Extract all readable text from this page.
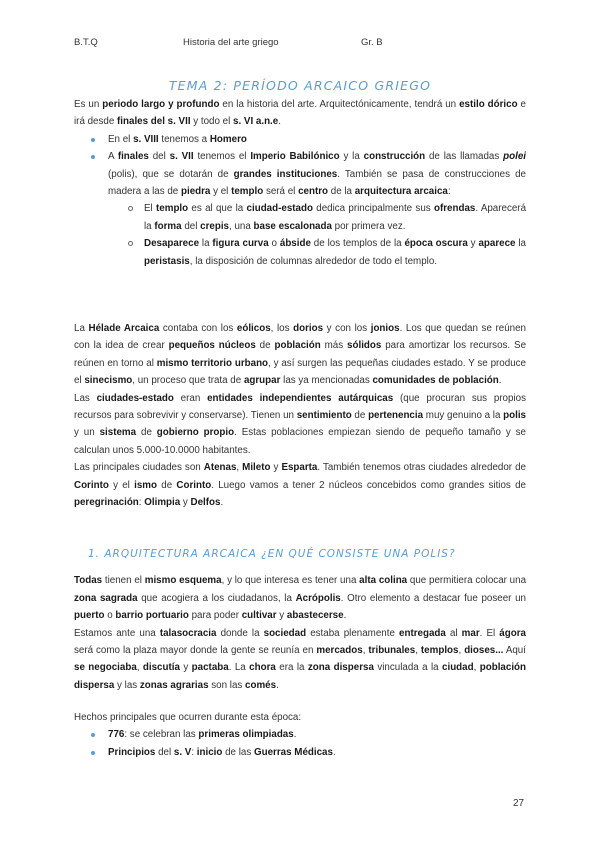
B.T.Q	Historia del arte griego	Gr. B
TEMA 2: PERÍODO ARCAICO GRIEGO

Es un periodo largo y profundo en la historia del arte. Arquitectónicamente, tendrá un estilo dórico e irá desde finales del s. VII y todo el s. VI a.n.e.

En el s. VIII tenemos a Homero
A finales del s. VII tenemos el Imperio Babilónico y la construcción de las llamadas polei (polis), que se dotarán de grandes instituciones. También se pasa de construcciones de madera a las de piedra y el templo será el centro de la arquitectura arcaica:
El templo es al que la ciudad-estado dedica principalmente sus ofrendas. Aparecerá la forma del crepis, una base escalonada por primera vez.
Desaparece la figura curva o ábside de los templos de la época oscura y aparece la peristasis, la disposición de columnas alrededor de todo el templo.

La Hélade Arcaica contaba con los eólicos, los dorios y con los jonios. Los que quedan se reúnen con la idea de crear pequeños núcleos de población más sólidos para amortizar los recursos. Se reúnen en torno al mismo territorio urbano, y así surgen las pequeñas ciudades estado. Y se produce el sinecismo, un proceso que trata de agrupar las ya mencionadas comunidades de población.

Las ciudades-estado eran entidades independientes autárquicas (que procuran sus propios recursos para sobrevivir y conservarse). Tienen un sentimiento de pertenencia muy genuino a la polis y un sistema de gobierno propio. Estas poblaciones empiezan siendo de pequeño tamaño y se calculan unos 5.000-10.0000 habitantes.

Las principales ciudades son Atenas, Mileto y Esparta. También tenemos otras ciudades alrededor de Corinto y el ismo de Corinto. Luego vamos a tener 2 núcleos concebidos como grandes sitios de peregrinación: Olimpia y Delfos.

1. ARQUITECTURA ARCAICA ¿EN QUÉ CONSISTE UNA POLIS?

Todas tienen el mismo esquema, y lo que interesa es tener una alta colina que permitiera colocar una zona sagrada que acogiera a los ciudadanos, la Acrópolis. Otro elemento a destacar fue poseer un puerto o barrio portuario para poder cultivar y abastecerse.

Estamos ante una talasocracia donde la sociedad estaba plenamente entregada al mar. El ágora será como la plaza mayor donde la gente se reunía en mercados, tribunales, templos, dioses... Aquí se negociaba, discutía y pactaba. La chora era la zona dispersa vinculada a la ciudad, población dispersa y las zonas agrarias son las comés.

Hechos principales que ocurren durante esta época:

776: se celebran las primeras olimpiadas.
Principios del s. V: inicio de las Guerras Médicas.
27
